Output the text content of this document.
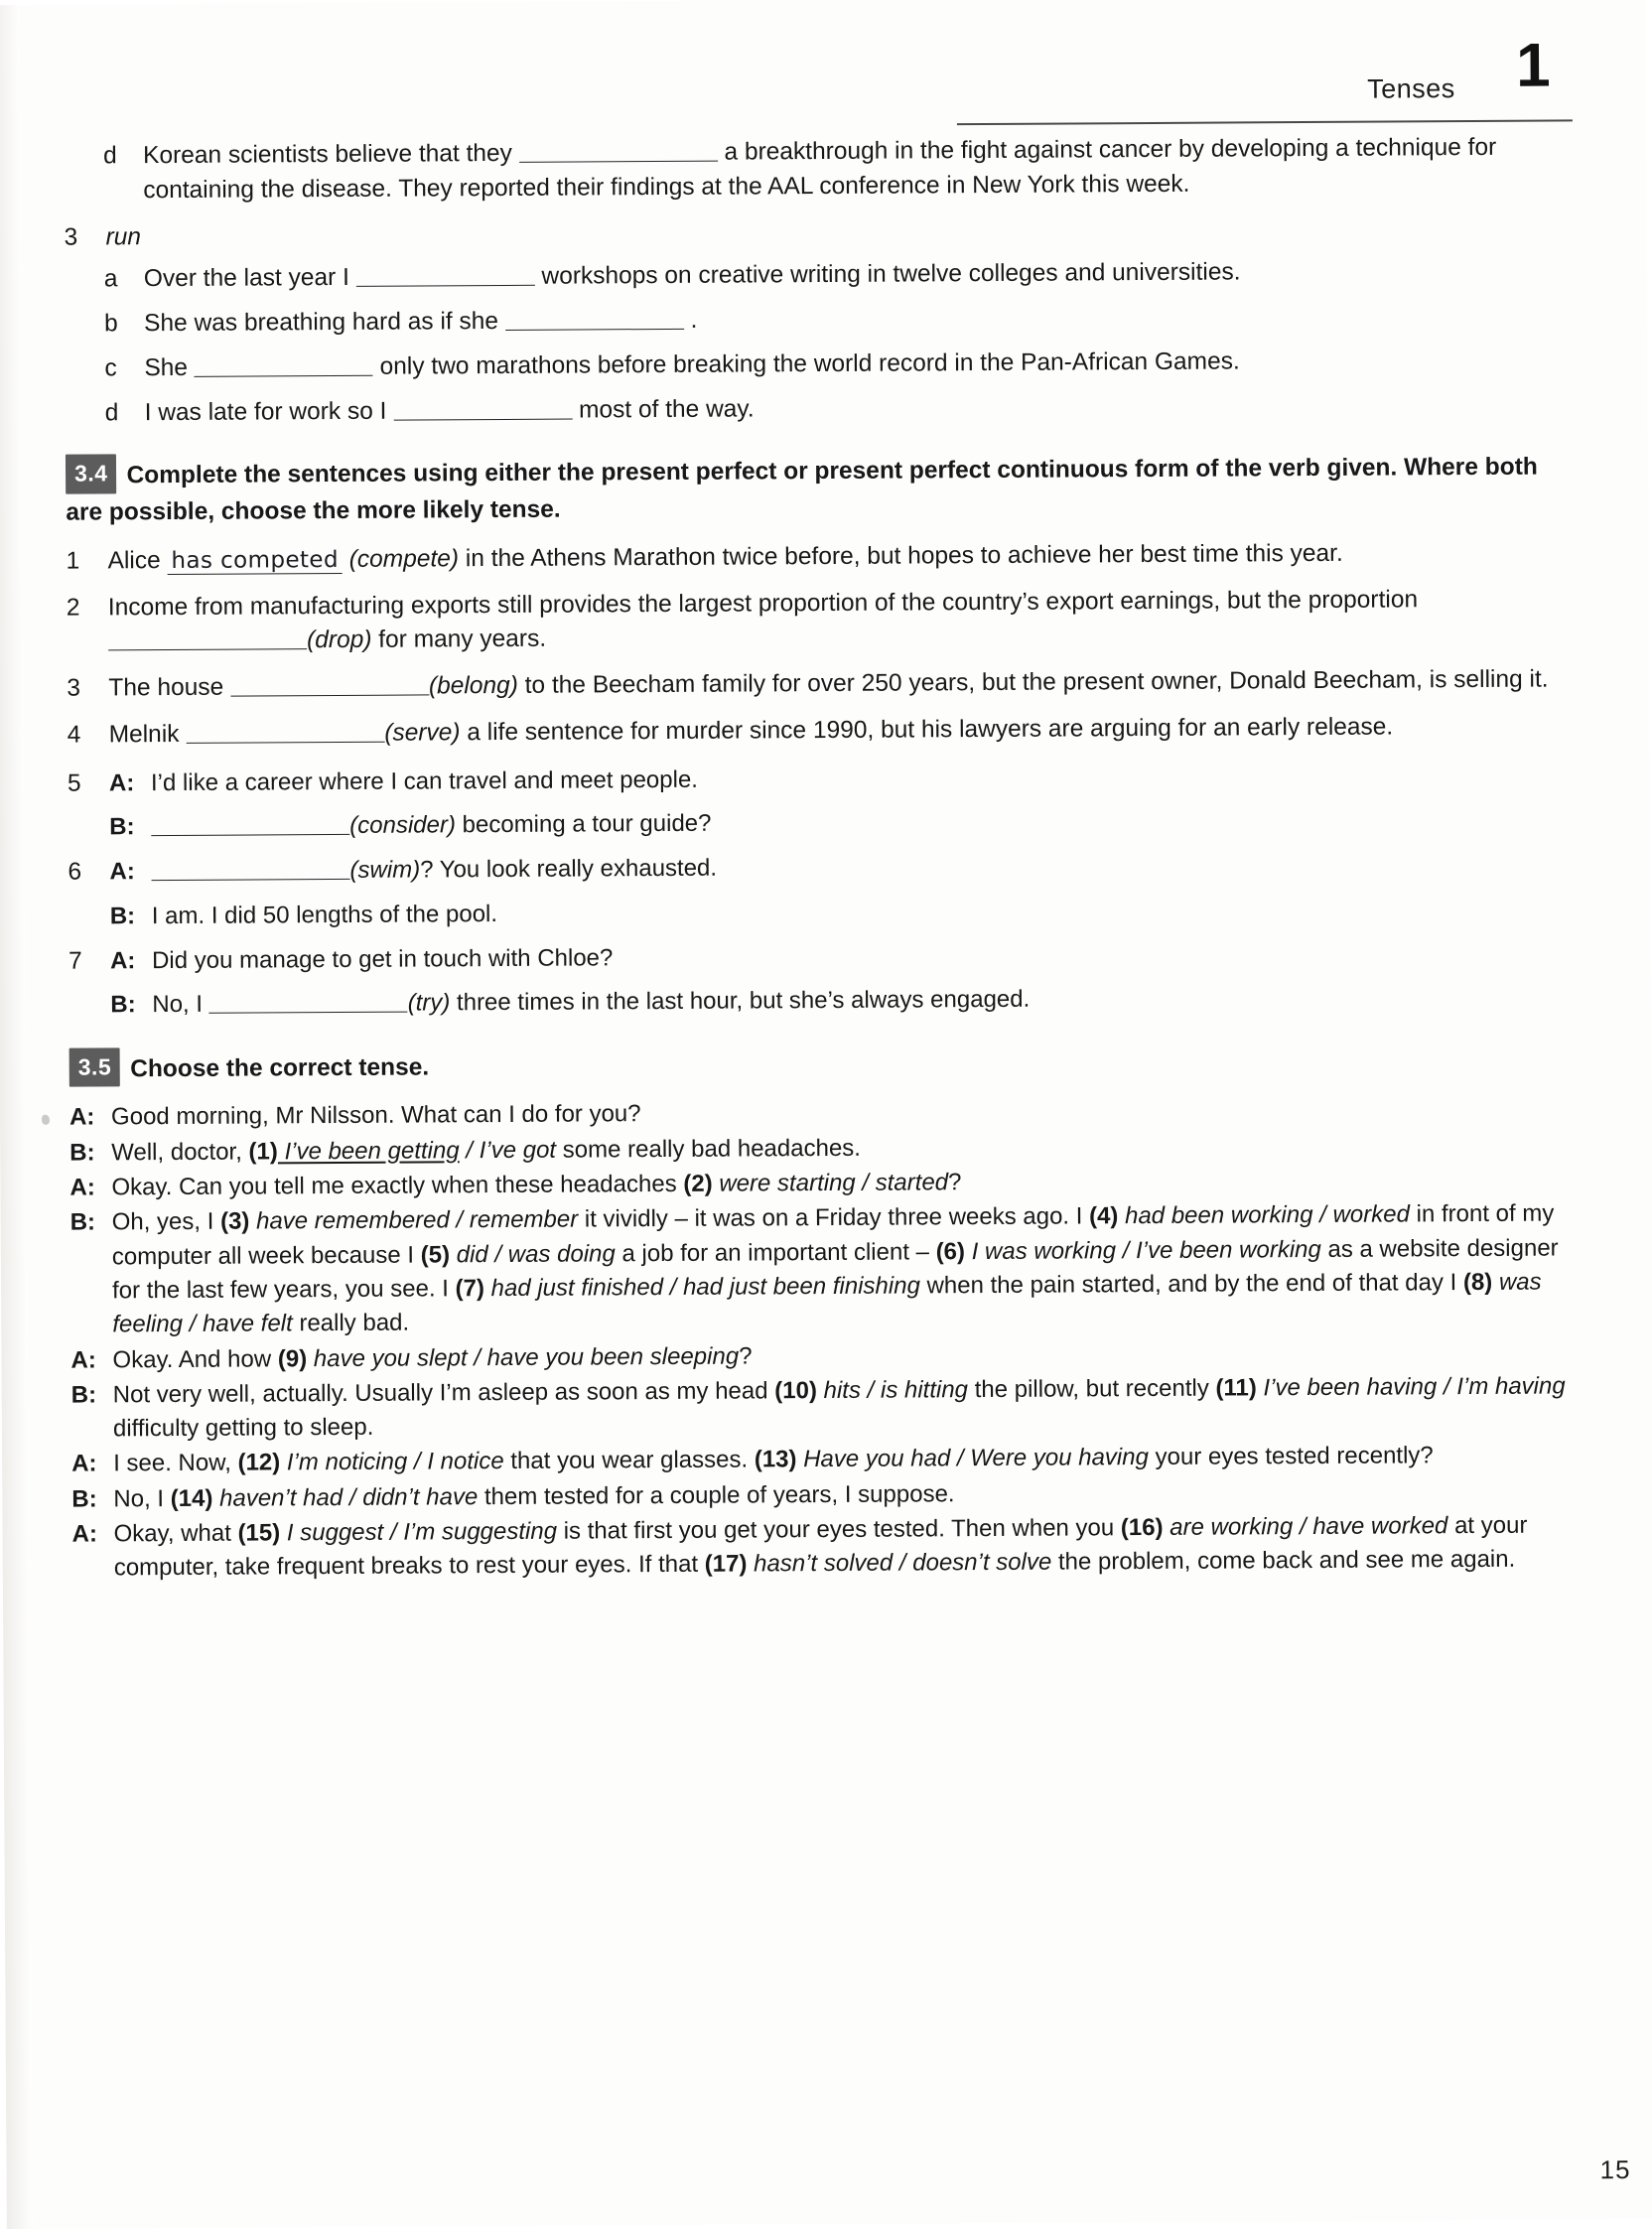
Tenses 1
d	Korean scientists believe that they	a breakthrough in the fight against cancer by developing a technique for containing the disease. They reported their findings at the AAL conference in New York this week.
3	run
a	Over the last year I	workshops on creative writing in twelve colleges and universities.
b	She was breathing hard as if she	.
c	She	only two marathons before breaking the world record in the Pan-African Games.
d	I was late for work so I	most of the way.
3.4 Complete the sentences using either the present perfect or present perfect continuous form of the verb given. Where both are possible, choose the more likely tense.
1	Alice has competed (compete) in the Athens Marathon twice before, but hopes to achieve her best time this year.
2	Income from manufacturing exports still provides the largest proportion of the country’s export earnings, but the proportion (drop) for many years.
3	The house	(belong) to the Beecham family for over 250 years, but the present owner, Donald Beecham, is selling it.
4	Melnik	(serve) a life sentence for murder since 1990, but his lawyers are arguing for an early release.
5	A: I’d like a career where I can travel and meet people.
B:	(consider) becoming a tour guide?
6	A:	(swim)? You look really exhausted.
B: I am. I did 50 lengths of the pool.
7	A: Did you manage to get in touch with Chloe?
B: No, I	(try) three times in the last hour, but she’s always engaged.
3.5 Choose the correct tense.
A: Good morning, Mr Nilsson. What can I do for you?
B: Well, doctor, (1) I’ve been getting / I’ve got some really bad headaches.
A: Okay. Can you tell me exactly when these headaches (2) were starting / started?
B: Oh, yes, I (3) have remembered / remember it vividly – it was on a Friday three weeks ago. I (4) had been working / worked in front of my computer all week because I (5) did / was doing a job for an important client – (6) I was working / I’ve been working as a website designer for the last few years, you see. I (7) had just finished / had just been finishing when the pain started, and by the end of that day I (8) was feeling / have felt really bad.
A: Okay. And how (9) have you slept / have you been sleeping?
B: Not very well, actually. Usually I’m asleep as soon as my head (10) hits / is hitting the pillow, but recently (11) I’ve been having / I’m having difficulty getting to sleep.
A: I see. Now, (12) I’m noticing / I notice that you wear glasses. (13) Have you had / Were you having your eyes tested recently?
B: No, I (14) haven’t had / didn’t have them tested for a couple of years, I suppose.
A: Okay, what (15) I suggest / I’m suggesting is that first you get your eyes tested. Then when you (16) are working / have worked at your computer, take frequent breaks to rest your eyes. If that (17) hasn’t solved / doesn’t solve the problem, come back and see me again.
15
